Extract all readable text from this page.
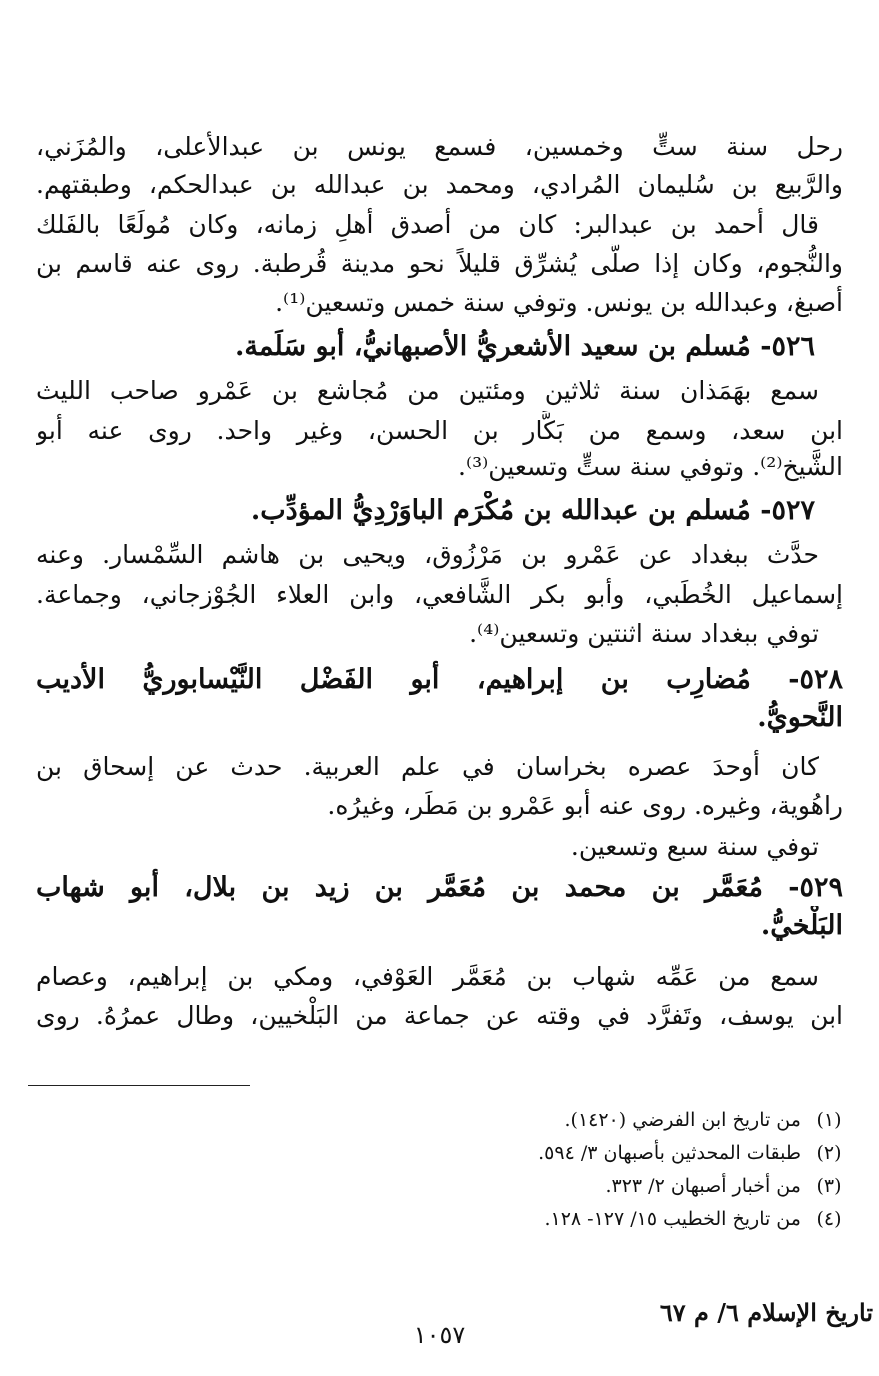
رحل سنة ستٍّ وخمسين، فسمع يونس بن عبدالأعلى، والمُزَني،
والرَّبيع بن سُليمان المُرادي، ومحمد بن عبدالله بن عبدالحكم، وطبقتهم.
قال أحمد بن عبدالبر: كان من أصدق أهلِ زمانه، وكان مُولَعًا بالفَلك
والنُّجوم، وكان إذا صلَّى يُشرِّق قليلاً نحو مدينة قُرطبة. روى عنه قاسم بن
أصبغ، وعبدالله بن يونس. وتوفي سنة خمس وتسعين⁽¹⁾.
٥٢٦- مُسلم بن سعيد الأشعريُّ الأصبهانيُّ، أبو سَلَمة.
سمع بهَمَذان سنة ثلاثين ومئتين من مُجاشع بن عَمْرو صاحب الليث
ابن سعد، وسمع من بَكَّار بن الحسن، وغير واحد. روى عنه أبو
الشَّيخ⁽²⁾. وتوفي سنة ستٍّ وتسعين⁽³⁾.
٥٢٧- مُسلم بن عبدالله بن مُكْرَم الباوَرْدِيُّ المؤدِّب.
حدَّث ببغداد عن عَمْرو بن مَرْزُوق، ويحيى بن هاشم السِّمْسار. وعنه
إسماعيل الخُطَبي، وأبو بكر الشَّافعي، وابن العلاء الجُوْزجاني، وجماعة.
توفي ببغداد سنة اثنتين وتسعين⁽⁴⁾.
٥٢٨- مُضارِب بن إبراهيم، أبو الفَضْل النَّيْسابوريُّ الأديب
النَّحويُّ.
كان أوحدَ عصره بخراسان في علم العربية. حدث عن إسحاق بن
راهُوية، وغيره. روى عنه أبو عَمْرو بن مَطَر، وغيرُه.
توفي سنة سبع وتسعين.
٥٢٩- مُعَمَّر بن محمد بن مُعَمَّر بن زيد بن بلال، أبو شهاب
البَلْخيُّ.
سمع من عَمِّه شهاب بن مُعَمَّر العَوْفي، ومكي بن إبراهيم، وعصام
ابن يوسف، وتَفرَّد في وقته عن جماعة من البَلْخيين، وطال عمرُهُ. روى
(١) من تاريخ ابن الفرضي (١٤٢٠).
(٢) طبقات المحدثين بأصبهان ٣/ ٥٩٤.
(٣) من أخبار أصبهان ٢/ ٣٢٣.
(٤) من تاريخ الخطيب ١٥/ ١٢٧- ١٢٨.
تاريخ الإسلام ٦/ م ٦٧
١٠٥٧
